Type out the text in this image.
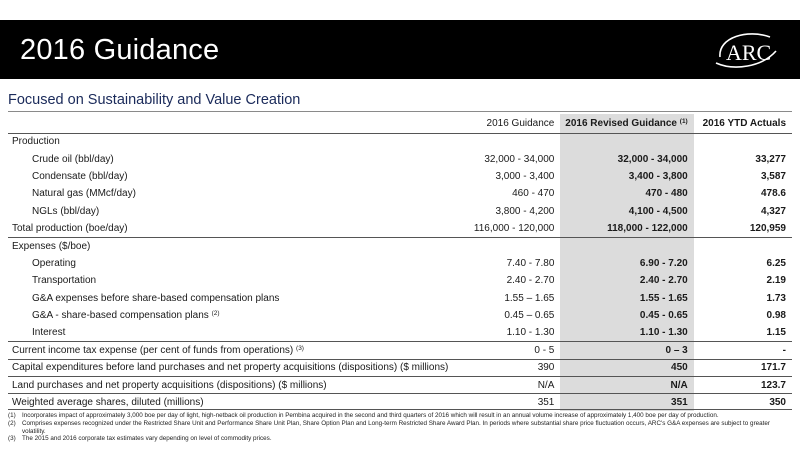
2016 Guidance	ARC
Focused on Sustainability and Value Creation
	2016 Guidance	2016 Revised Guidance $^{(1)}$	2016 YTD Actuals
Production			
Crude oil (bbl/day)	32,000 - 34,000	32,000 - 34,000	33,277
Condensate (bbl/day)	3,000 - 3,400	3,400 - 3,800	3,587
Natural gas (MMcf/day)	460 - 470	470 - 480	478.6
NGLs (bbl/day)	3,800 - 4,200	4,100 - 4,500	4,327
Total production (boe/day)	116,000 - 120,000	118,000 - 122,000	120,959
Expenses ($/boe)			
Operating	7.40 - 7.80	6.90 - 7.20	6.25
Transportation	2.40 - 2.70	2.40 - 2.70	2.19
G&A expenses before share-based compensation plans	1.55 – 1.65	1.55 - 1.65	1.73
G&A - share-based compensation plans $^{(2)}$	0.45 – 0.65	0.45 - 0.65	0.98
Interest	1.10 - 1.30	1.10 - 1.30	1.15
Current income tax expense (per cent of funds from operations) $^{(3)}$	0 - 5	0 – 3	-
Capital expenditures before land purchases and net property acquisitions (dispositions) ($ millions)	390	450	171.7
Land purchases and net property acquisitions (dispositions) ($ millions)	N/A	N/A	123.7
Weighted average shares, diluted (millions)	351	351	350
(1) Incorporates impact of approximately 3,000 boe per day of light, high-netback oil production in Pembina acquired in the second and third quarters of 2016 which will result in an annual volume increase of approximately 1,400 boe per day of production.
(2) Comprises expenses recognized under the Restricted Share Unit and Performance Share Unit Plan, Share Option Plan and Long-term Restricted Share Award Plan. In periods where substantial share price fluctuation occurs, ARC's G&A expenses are subject to greater volatility.
(3) The 2015 and 2016 corporate tax estimates vary depending on level of commodity prices.
